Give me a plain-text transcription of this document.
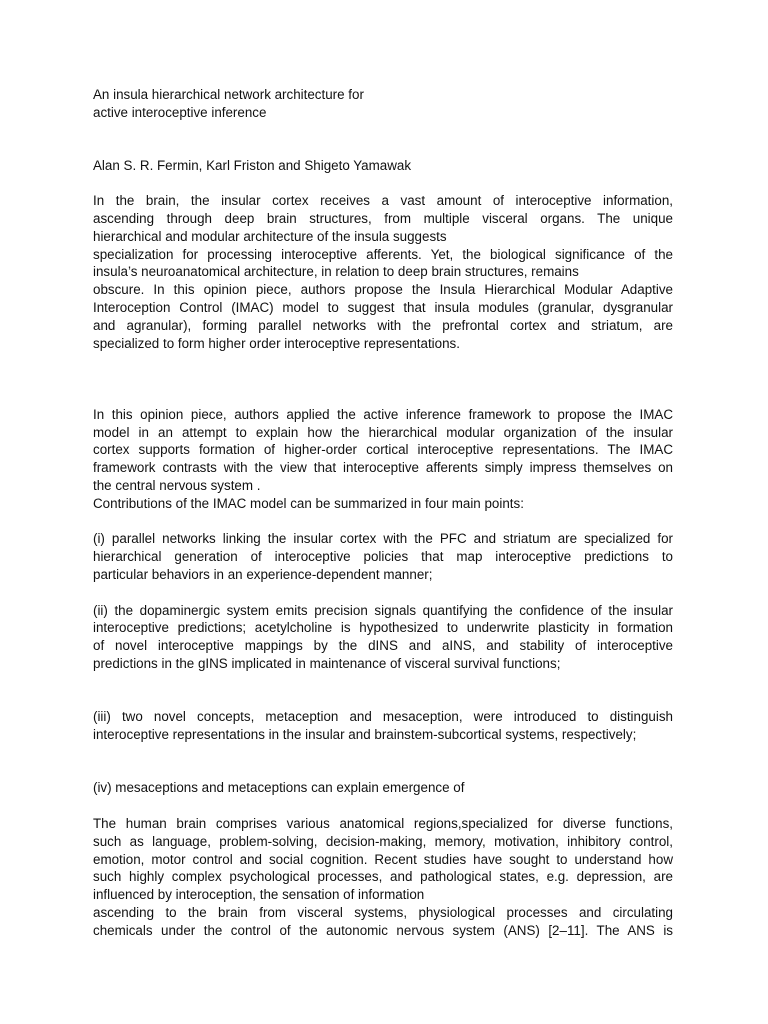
An insula hierarchical network architecture for
active interoceptive inference
Alan S. R. Fermin, Karl Friston and Shigeto Yamawak
In the brain, the insular cortex receives a vast amount of interoceptive information,
ascending through deep brain structures, from multiple visceral organs. The unique
hierarchical and modular architecture of the insula suggests
specialization for processing interoceptive afferents. Yet, the biological significance of the
insula’s neuroanatomical architecture, in relation to deep brain structures, remains
obscure. In this opinion piece, authors propose the Insula Hierarchical Modular Adaptive
Interoception Control (IMAC) model to suggest that insula modules (granular, dysgranular
and agranular), forming parallel networks with the prefrontal cortex and striatum, are
specialized to form higher order interoceptive representations.
In this opinion piece, authors applied the active inference framework to propose the IMAC
model in an attempt to explain how the hierarchical modular organization of the insular
cortex supports formation of higher-order cortical interoceptive representations. The IMAC
framework contrasts with the view that interoceptive afferents simply impress themselves on
the central nervous system .
Contributions of the IMAC model can be summarized in four main points:
(i) parallel networks linking the insular cortex with the PFC and striatum are specialized for
hierarchical generation of interoceptive policies that map interoceptive predictions to
particular behaviors in an experience-dependent manner;
(ii) the dopaminergic system emits precision signals quantifying the confidence of the insular
interoceptive predictions; acetylcholine is hypothesized to underwrite plasticity in formation
of novel interoceptive mappings by the dINS and aINS, and stability of interoceptive
predictions in the gINS implicated in maintenance of visceral survival functions;
(iii) two novel concepts, metaception and mesaception, were introduced to distinguish
interoceptive representations in the insular and brainstem-subcortical systems, respectively;
(iv) mesaceptions and metaceptions can explain emergence of
The human brain comprises various anatomical regions,specialized for diverse functions,
such as language, problem-solving, decision-making, memory, motivation, inhibitory control,
emotion, motor control and social cognition. Recent studies have sought to understand how
such highly complex psychological processes, and pathological states, e.g. depression, are
influenced by interoception, the sensation of information
ascending to the brain from visceral systems, physiological processes and circulating
chemicals under the control of the autonomic nervous system (ANS) [2–11]. The ANS is
